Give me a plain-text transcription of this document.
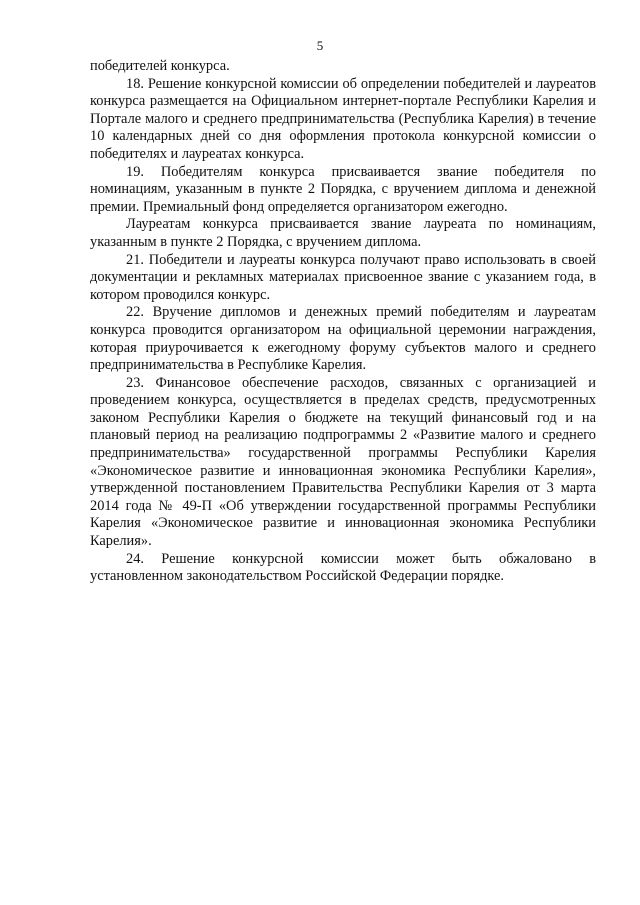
5

победителей конкурса.

18. Решение конкурсной комиссии об определении победителей и лауреатов конкурса размещается на Официальном интернет-портале Республики Карелия и Портале малого и среднего предпринимательства (Республика Карелия) в течение 10 календарных дней со дня оформления протокола конкурсной комиссии о победителях и лауреатах конкурса.

19. Победителям конкурса присваивается звание победителя по номинациям, указанным в пункте 2 Порядка, с вручением диплома и денежной премии. Премиальный фонд определяется организатором ежегодно.

Лауреатам конкурса присваивается звание лауреата по номинациям, указанным в пункте 2 Порядка, с вручением диплома.

21. Победители и лауреаты конкурса получают право использовать в своей документации и рекламных материалах присвоенное звание с указанием года, в котором проводился конкурс.

22. Вручение дипломов и денежных премий победителям и лауреатам конкурса проводится организатором на официальной церемонии награждения, которая приурочивается к ежегодному форуму субъектов малого и среднего предпринимательства в Республике Карелия.

23. Финансовое обеспечение расходов, связанных с организацией и проведением конкурса, осуществляется в пределах средств, предусмотренных законом Республики Карелия о бюджете на текущий финансовый год и на плановый период на реализацию подпрограммы 2 «Развитие малого и среднего предпринимательства» государственной программы Республики Карелия «Экономическое развитие и инновационная экономика Республики Карелия», утвержденной постановлением Правительства Республики Карелия от 3 марта 2014 года № 49-П «Об утверждении государственной программы Республики Карелия «Экономическое развитие и инновационная экономика Республики Карелия».

24. Решение конкурсной комиссии может быть обжаловано в установленном законодательством Российской Федерации порядке.
